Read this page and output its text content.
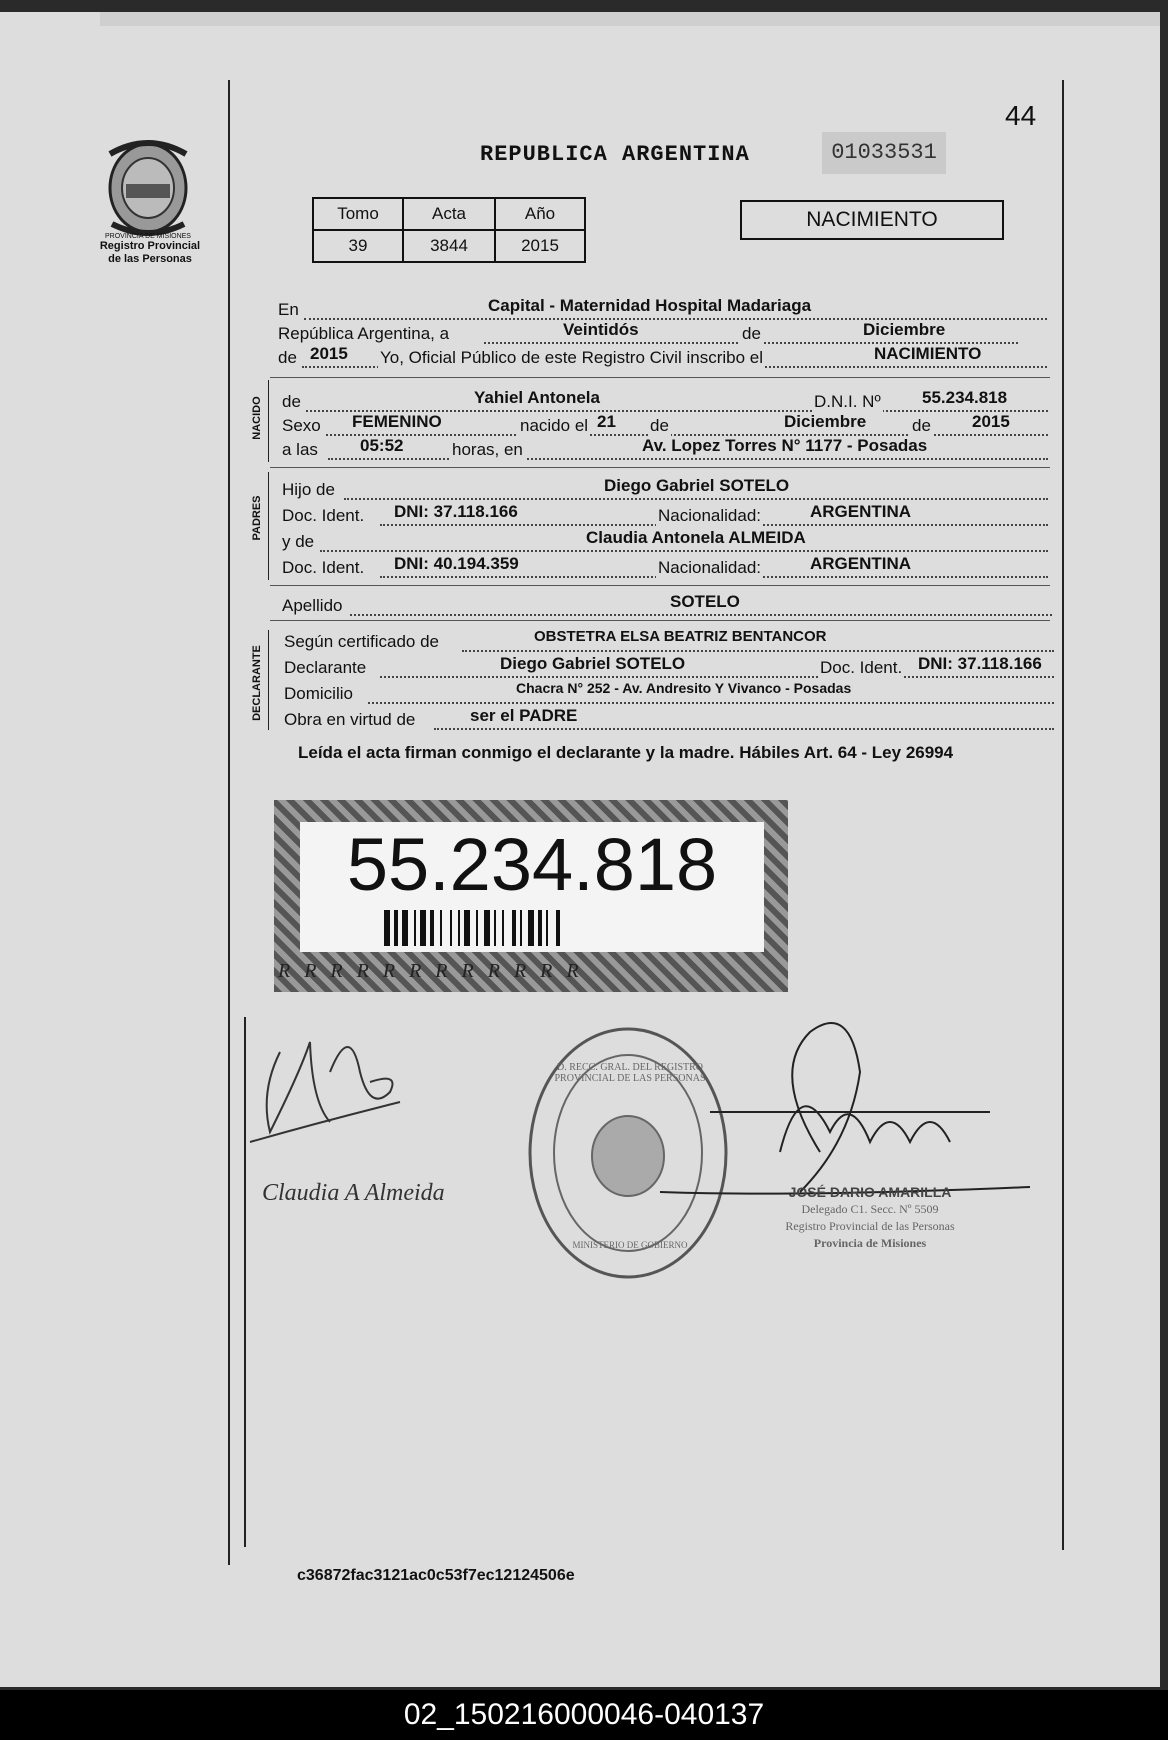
PROVINCIA DE MISIONES
Registro Provincial
de las Personas
44
REPUBLICA ARGENTINA	01033531
Tomo	Acta	Año
39	3844	2015
NACIMIENTO
En	Capital - Maternidad Hospital Madariaga
República Argentina, a	Veintidós	de	Diciembre
de 2015 Yo, Oficial Público de este Registro Civil inscribo el	NACIMIENTO
NACIDO de	Yahiel Antonela	D.N.I. Nº 55.234.818
Sexo FEMENINO	nacido el 21 de	Diciembre	de 2015
a las 05:52	horas, en	Av. Lopez Torres N° 1177 - Posadas
PADRES
Hijo de	Diego Gabriel SOTELO
Doc. Ident. DNI: 37.118.166	Nacionalidad:	ARGENTINA
y de	Claudia Antonela ALMEIDA
Doc. Ident. DNI: 40.194.359	Nacionalidad:	ARGENTINA
Apellido	SOTELO
DECLARANTE
Según certificado de	OBSTETRA ELSA BEATRIZ BENTANCOR
Declarante	Diego Gabriel SOTELO	Doc. Ident. DNI: 37.118.166
Domicilio	Chacra N° 252 - Av. Andresito Y Vivanco - Posadas
Obra en virtud de	ser el PADRE
Leída el acta firman conmigo el declarante y la madre. Hábiles Art. 64 - Ley 26994
55.234.818
RRRRRRRRRRRR
Claudia A Almeida
D. RECC. GRAL. DEL REGISTRO PROVINCIAL DE LAS PERSONAS
MINISTERIO DE GOBIERNO
JOSÉ DARIO AMARILLA
Delegado C1. Secc. Nº 5509
Registro Provincial de las Personas
Provincia de Misiones
c36872fac3121ac0c53f7ec12124506e
02_150216000046-040137
